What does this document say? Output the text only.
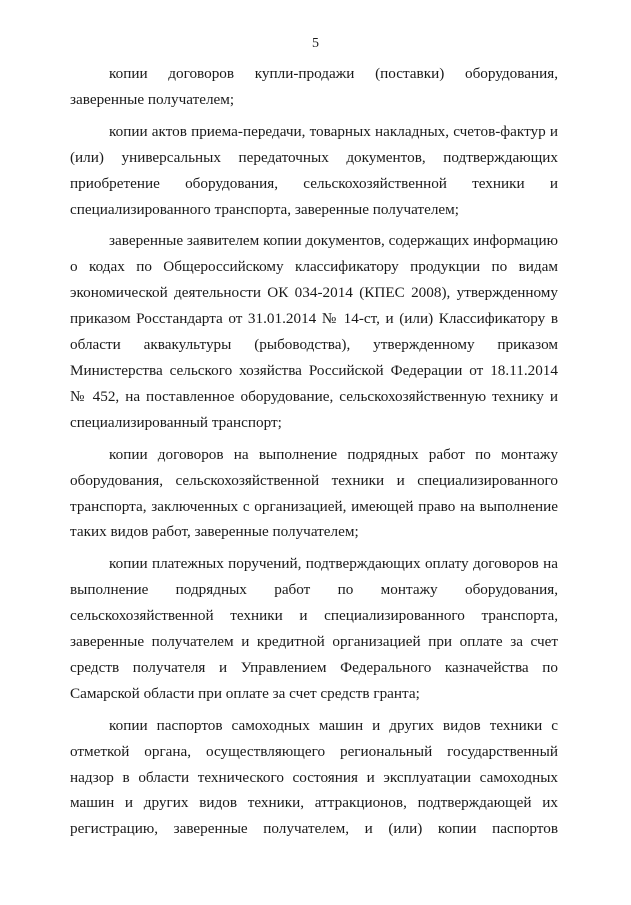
5
копии договоров купли-продажи (поставки) оборудования,
заверенные получателем;
копии актов приема-передачи, товарных накладных, счетов-фактур и
(или) универсальных передаточных документов, подтверждающих
приобретение оборудования, сельскохозяйственной техники и
специализированного транспорта, заверенные получателем;
заверенные заявителем копии документов, содержащих информацию
о кодах по Общероссийскому классификатору продукции по видам
экономической деятельности ОК 034-2014 (КПЕС 2008), утвержденному
приказом Росстандарта от 31.01.2014 № 14-ст, и (или) Классификатору в
области аквакультуры (рыбоводства), утвержденному приказом
Министерства сельского хозяйства Российской Федерации от 18.11.2014
№ 452, на поставленное оборудование, сельскохозяйственную технику и
специализированный транспорт;
копии договоров на выполнение подрядных работ по монтажу
оборудования, сельскохозяйственной техники и специализированного
транспорта, заключенных с организацией, имеющей право на выполнение
таких видов работ, заверенные получателем;
копии платежных поручений, подтверждающих оплату договоров на
выполнение подрядных работ по монтажу оборудования,
сельскохозяйственной техники и специализированного транспорта,
заверенные получателем и кредитной организацией при оплате за счет
средств получателя и Управлением Федерального казначейства по
Самарской области при оплате за счет средств гранта;
копии паспортов самоходных машин и других видов техники с
отметкой органа, осуществляющего региональный государственный
надзор в области технического состояния и эксплуатации самоходных
машин и других видов техники, аттракционов, подтверждающей их
регистрацию, заверенные получателем, и (или) копии паспортов
